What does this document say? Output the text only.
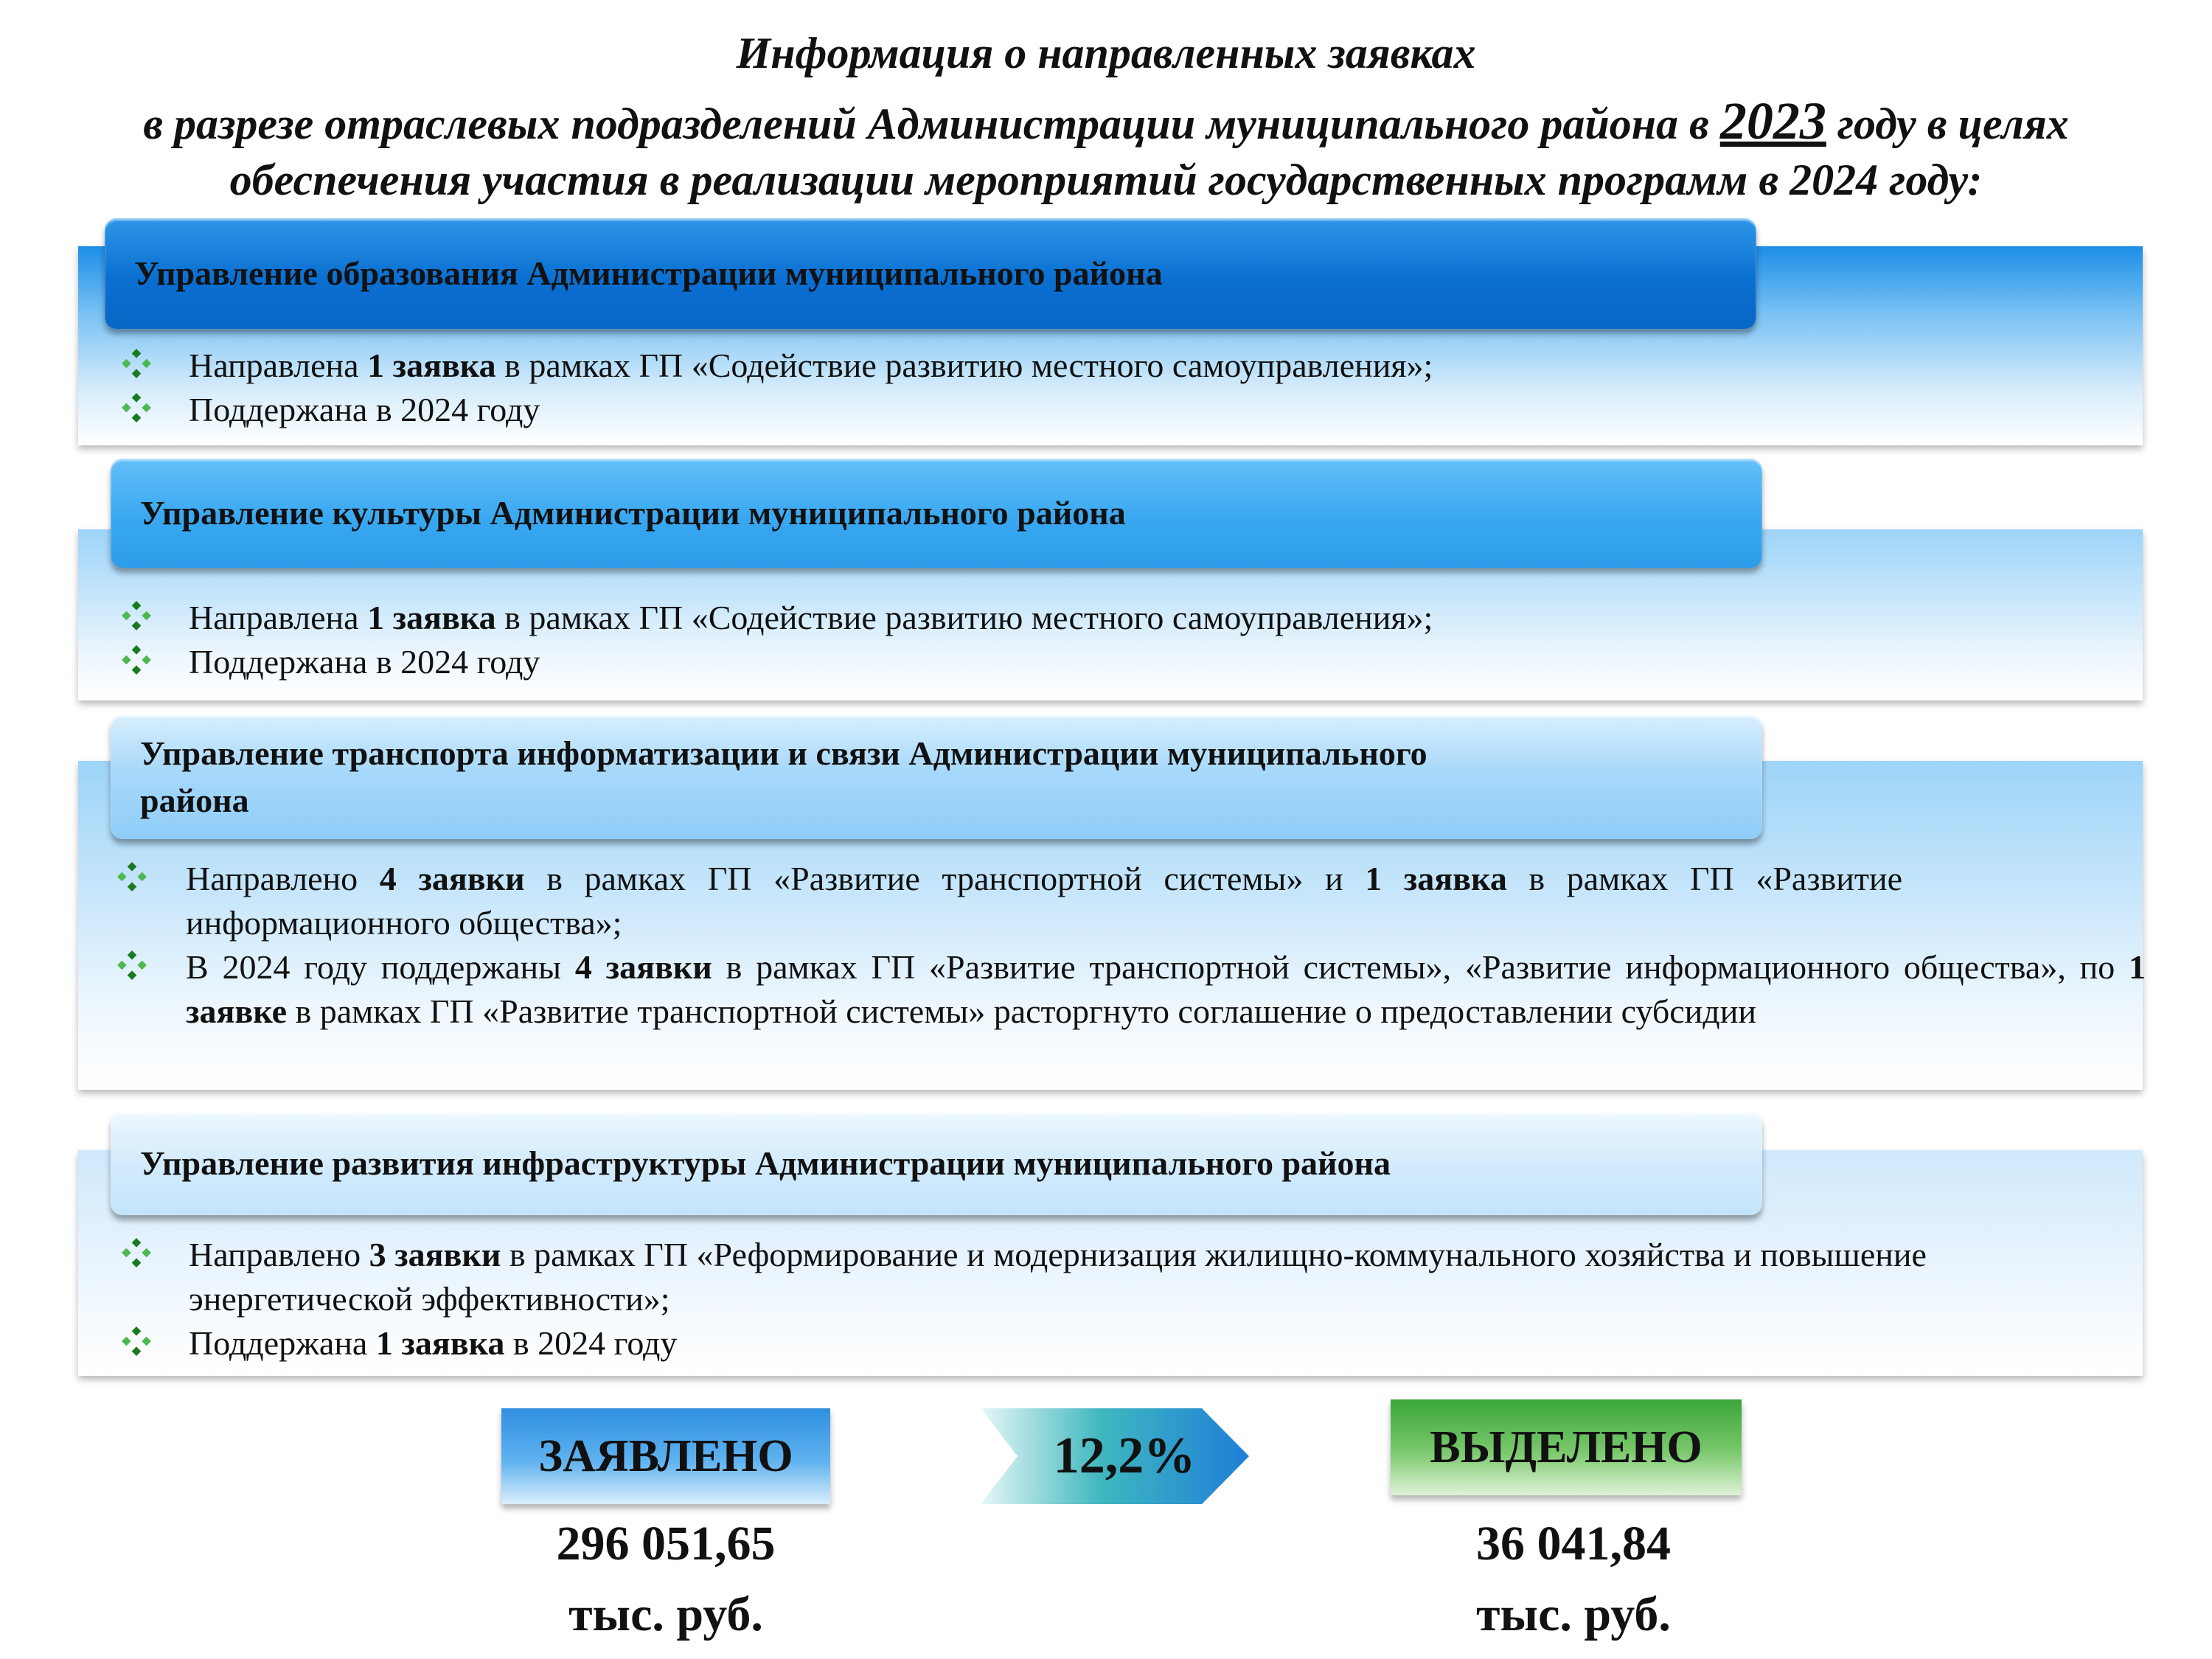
Информация о направленных заявках
в разрезе отраслевых подразделений Администрации муниципального района в 2023 году в целях
обеспечения участия в реализации мероприятий государственных программ в 2024 году:
Управление образования Администрации муниципального района
Направлена 1 заявка в рамках ГП «Содействие развитию местного самоуправления»;
Поддержана в 2024 году
Управление культуры Администрации муниципального района
Направлена 1 заявка в рамках ГП «Содействие развитию местного самоуправления»;
Поддержана в 2024 году
Управление транспорта информатизации и связи Администрации муниципального
района
Направлено 4 заявки в рамках ГП «Развитие транспортной системы» и 1 заявка в рамках ГП «Развитие информационного общества»;
В 2024 году поддержаны 4 заявки в рамках ГП «Развитие транспортной системы», «Развитие информационного общества», по 1 заявке в рамках ГП «Развитие транспортной системы» расторгнуто соглашение о предоставлении субсидии
Управление развития инфраструктуры Администрации муниципального района
Направлено 3 заявки в рамках ГП «Реформирование и модернизация жилищно-коммунального хозяйства и повышение энергетической эффективности»;
Поддержана 1 заявка в 2024 году
ЗАЯВЛЕНО
296 051,65
тыс. руб.
12,2%	ВЫДЕЛЕНО
36 041,84
тыс. руб.
